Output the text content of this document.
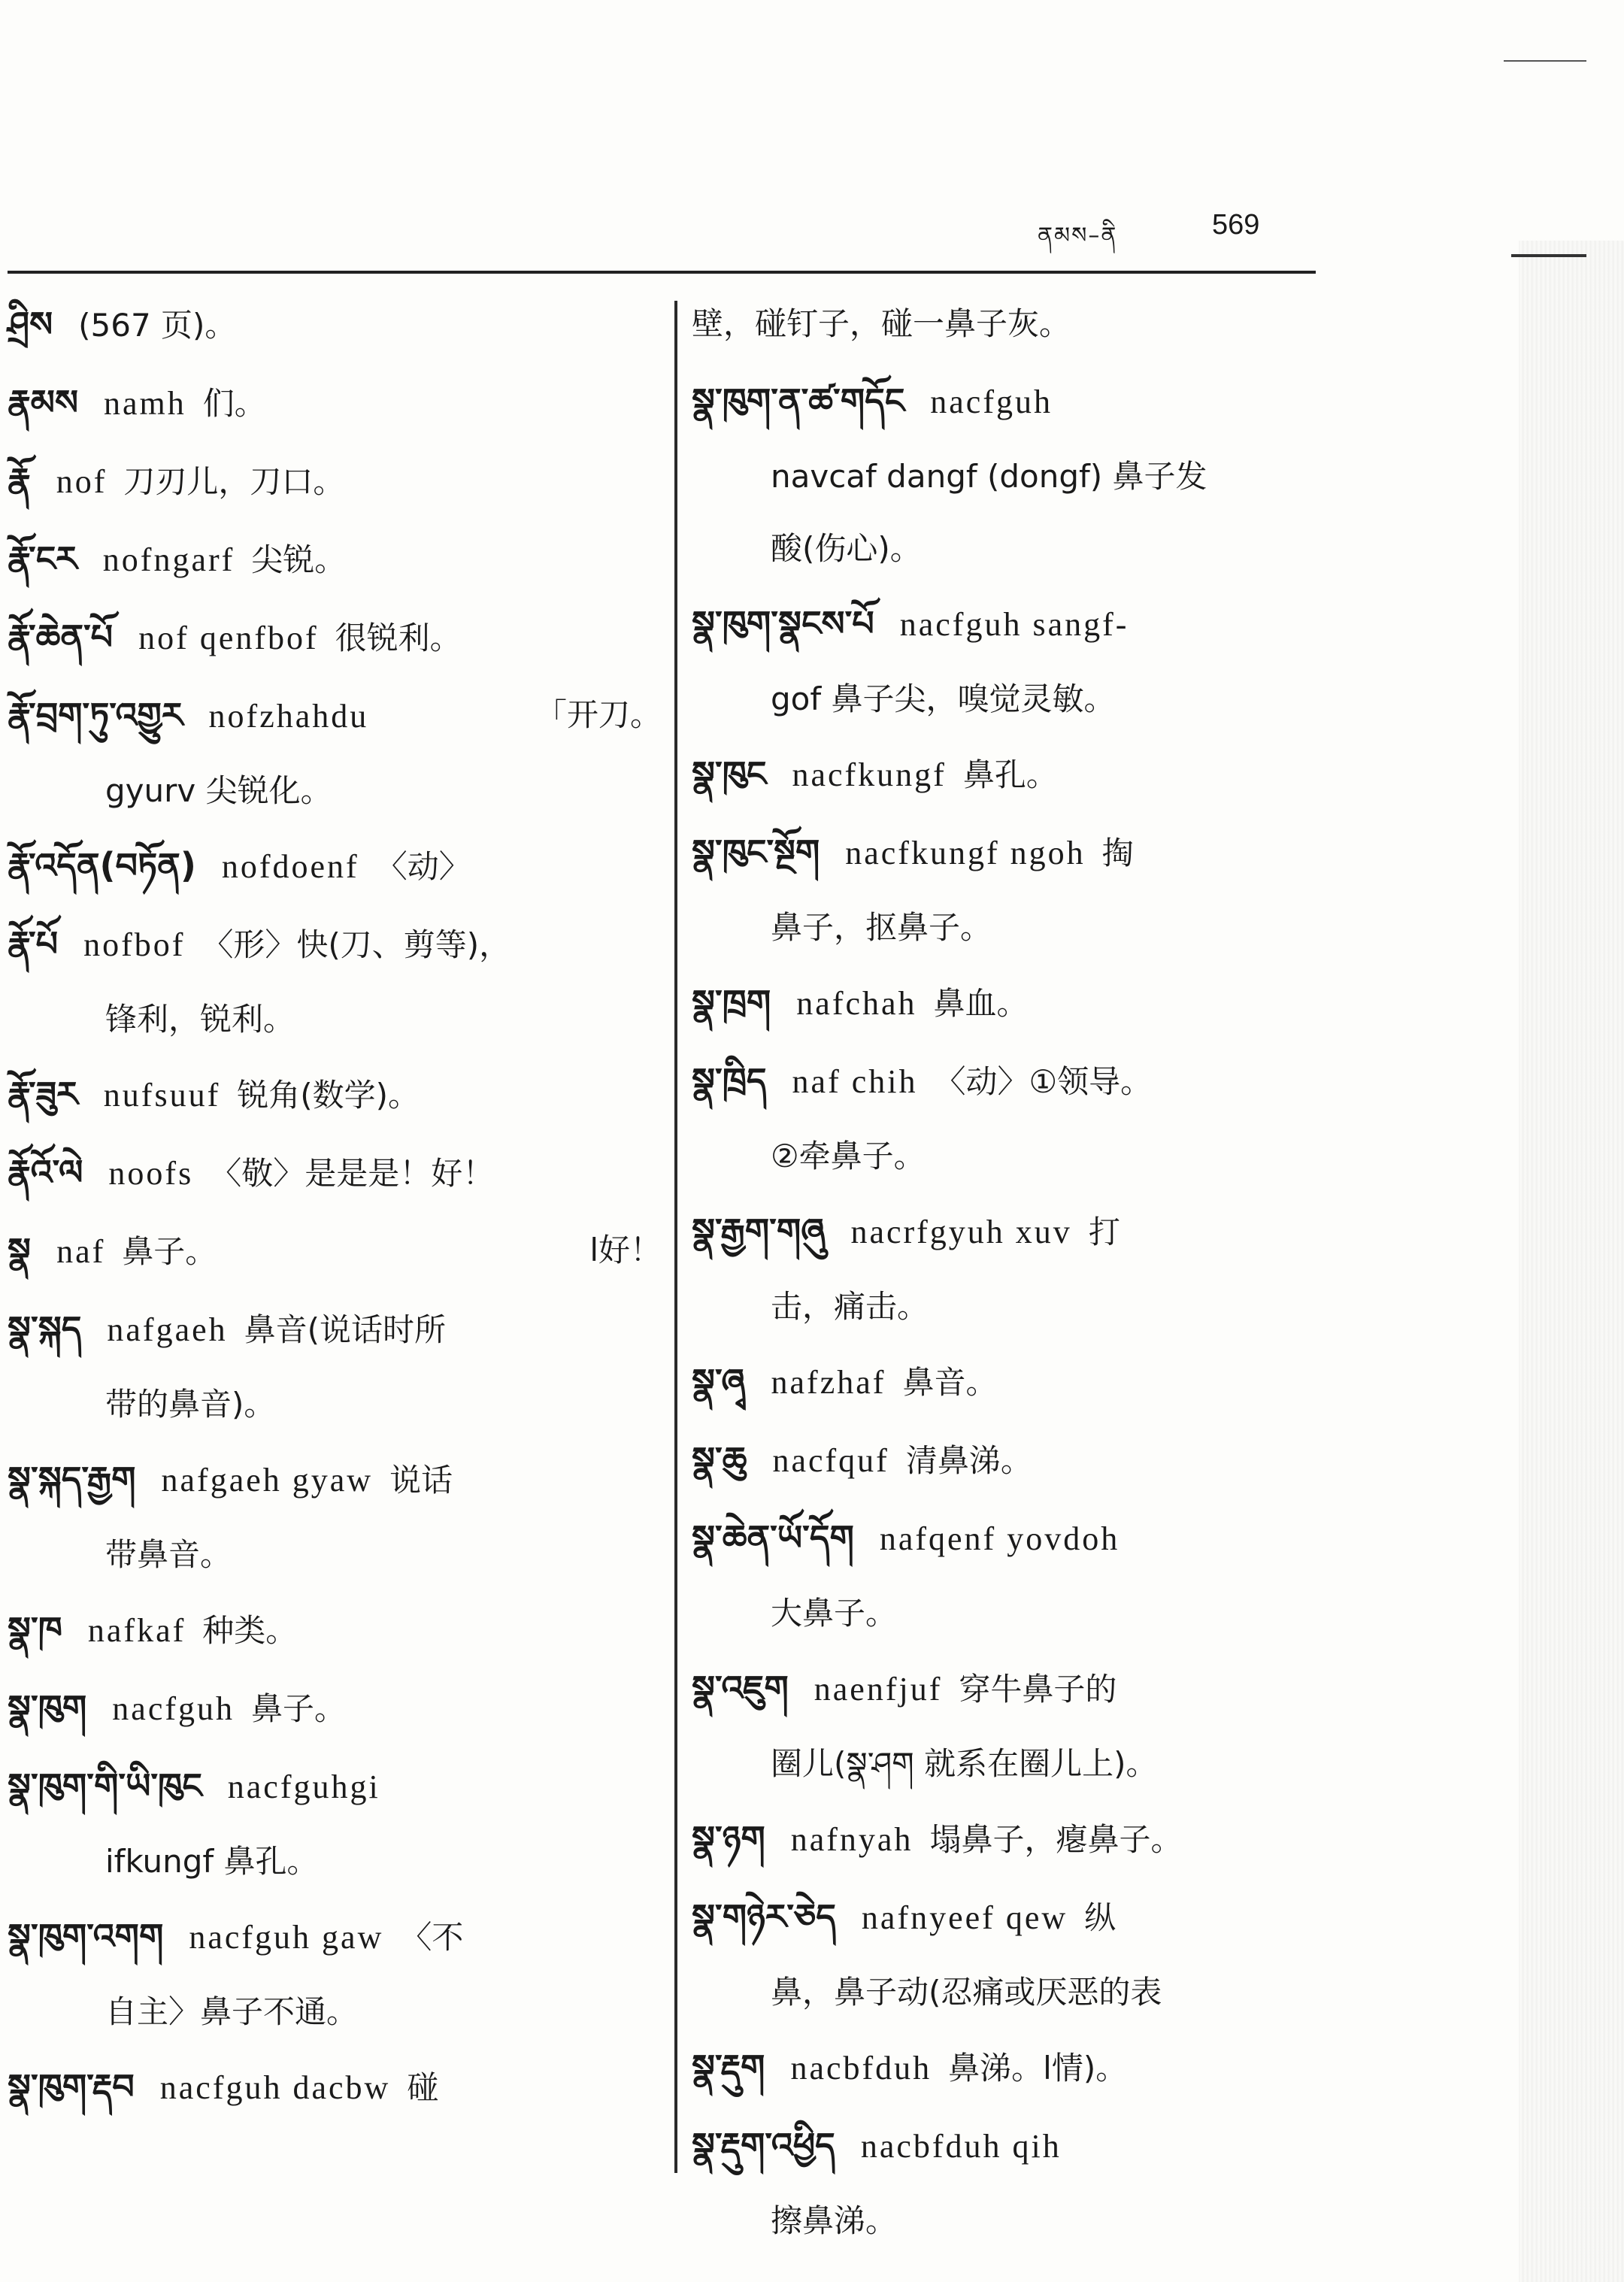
ནམས–ནི	569
ཤྲིས (567 页)。
རྣམས namh 们。
རྣོ nof 刀刃儿，刀口。
རྣོ་ངར nofngarf 尖锐。
རྣོ་ཆེན་པོ nof qenfbof 很锐利。
རྣོ་བྲག་ཏུ་འགྱུར nofzhahdu	「开刀。
gyurv 尖锐化。
རྣོ་འདོན(བཏོན) nofdoenf 〈动〉
རྣོ་པོ nofbof 〈形〉快(刀、剪等)，
锋利，锐利。
རྣོ་ཟུར nufsuuf 锐角(数学)。
རྣོའོ་ལེ noofs 〈敬〉是是是！好！
སྣ naf 鼻子。	l好！
སྣ་སྐད nafgaeh 鼻音(说话时所
带的鼻音)。
སྣ་སྐད་རྒྱག nafgaeh gyaw 说话
带鼻音。
སྣ་ཁ nafkaf 种类。
སྣ་ཁུག nacfguh 鼻子。
སྣ་ཁུག་གི་ཡི་ཁུང nacfguhgi
ifkungf 鼻孔。
སྣ་ཁུག་འགག nacfguh gaw 〈不
自主〉鼻子不通。
སྣ་ཁུག་རྡབ nacfguh dacbw 碰
壁，碰钉子，碰一鼻子灰。
སྣ་ཁུག་ན་ཚ་གདོང nacfguh
navcaf dangf (dongf) 鼻子发
酸(伤心)。
སྣ་ཁུག་སྣངས་པོ nacfguh sangf-
gof 鼻子尖，嗅觉灵敏。
སྣ་ཁུང nacfkungf 鼻孔。
སྣ་ཁུང་སྔོག nacfkungf ngoh 掏
鼻子，抠鼻子。
སྣ་ཁྲག nafchah 鼻血。
སྣ་ཁྲིད naf chih 〈动〉①领导。
②牵鼻子。
སྣ་རྒྱག་གཞུ nacrfgyuh xuv 打
击，痛击。
སྣ་ཞྭ nafzhaf 鼻音。
སྣ་ཆུ nacfquf 清鼻涕。
སྣ་ཆེན་ཡོ་དོག nafqenf yovdoh
大鼻子。
སྣ་འཇུག naenfjuf 穿牛鼻子的
圈儿(སྣ་ཤག 就系在圈儿上)。
སྣ་ཉག nafnyah 塌鼻子，瘪鼻子。
སྣ་གཉེར་ཅེད nafnyeef qew 纵
鼻，鼻子动(忍痛或厌恶的表
སྣ་རྡུག nacbfduh 鼻涕。l情)。
སྣ་རྡུག་འཕྱིད nacbfduh qih
擦鼻涕。
